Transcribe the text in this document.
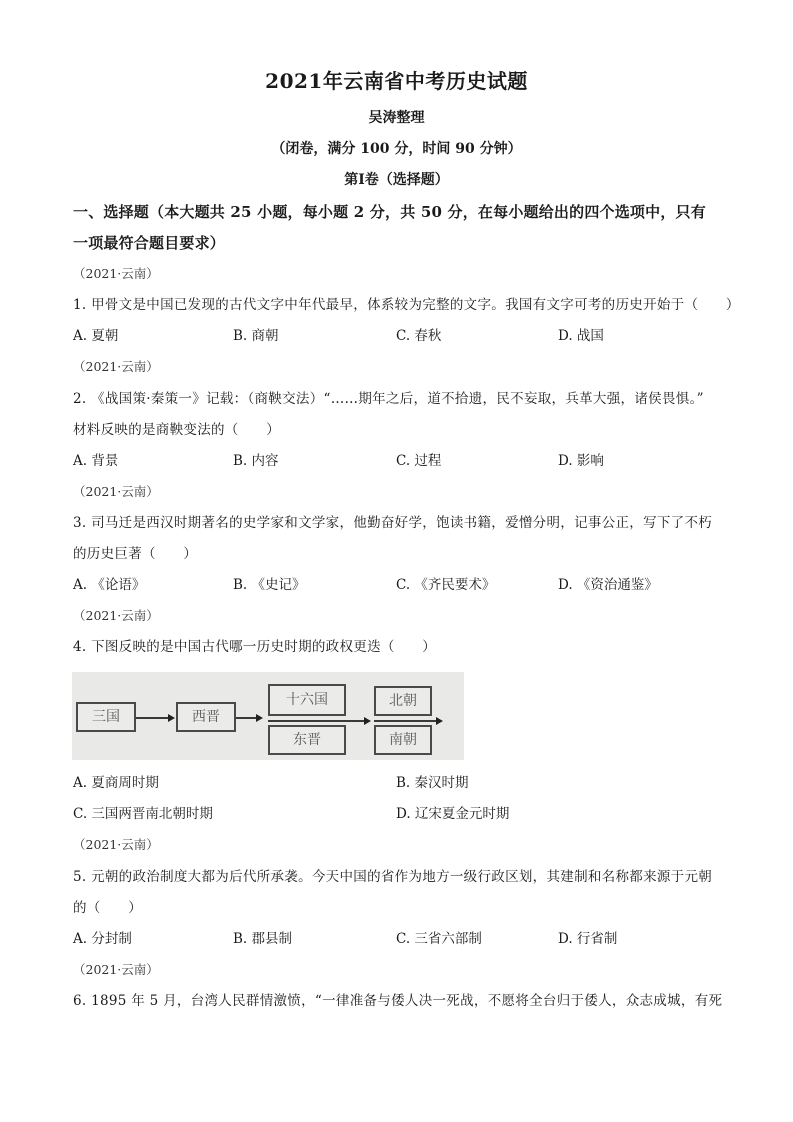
2021年云南省中考历史试题
吴涛整理
（闭卷，满分 100 分，时间 90 分钟）
第Ⅰ卷（选择题）
一、选择题（本大题共 25 小题，每小题 2 分，共 50 分，在每小题给出的四个选项中，只有
一项最符合题目要求）
（2021·云南）
1. 甲骨文是中国已发现的古代文字中年代最早，体系较为完整的文字。我国有文字可考的历史开始于（　　）
A. 夏朝	B. 商朝	C. 春秋	D. 战国
（2021·云南）
2. 《战国策·秦策一》记载：（商鞅交法）“……期年之后，道不拾遗，民不妄取，兵革大强，诸侯畏惧。”
材料反映的是商鞅变法的（　　）
A. 背景	B. 内容	C. 过程	D. 影响
（2021·云南）
3. 司马迁是西汉时期著名的史学家和文学家，他勤奋好学，饱读书籍，爱憎分明，记事公正，写下了不朽
的历史巨著（　　）
A. 《论语》	B. 《史记》	C. 《齐民要术》	D. 《资治通鉴》
（2021·云南）
4. 下图反映的是中国古代哪一历史时期的政权更迭（　　）
三国	西晋
十六国
东晋
北朝
南朝
A. 夏商周时期	B. 秦汉时期
C. 三国两晋南北朝时期	D. 辽宋夏金元时期
（2021·云南）
5. 元朝的政治制度大都为后代所承袭。今天中国的省作为地方一级行政区划，其建制和名称都来源于元朝
的（　　）
A. 分封制	B. 郡县制	C. 三省六部制	D. 行省制
（2021·云南）
6. 1895 年 5 月，台湾人民群情激愤，“一律准备与倭人决一死战，不愿将全台归于倭人，众志成城，有死
